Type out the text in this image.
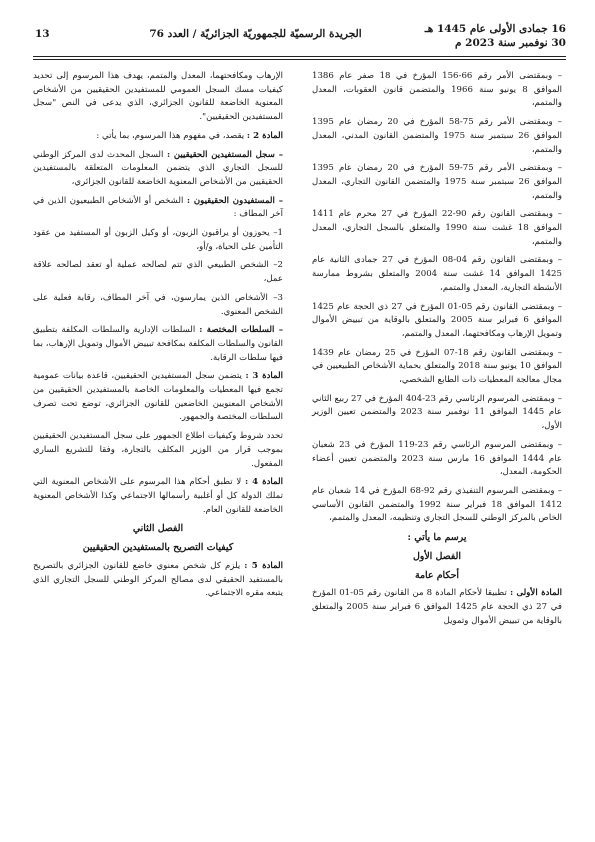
16 جمادى الأولى عام 1445 هـ
30 نوفمبر سنة 2023 م
الجريدة الرسميّة للجمهوريّة الجزائريّة / العدد 76
13

– وبمقتضى الأمر رقم 66-156 المؤرخ في 18 صفر عام 1386 الموافق 8 يونيو سنة 1966 والمتضمن قانون العقوبات، المعدل والمتمم،

– وبمقتضى الأمر رقم 75-58 المؤرخ في 20 رمضان عام 1395 الموافق 26 سبتمبر سنة 1975 والمتضمن القانون المدني، المعدل والمتمم،

– وبمقتضى الأمر رقم 75-59 المؤرخ في 20 رمضان عام 1395 الموافق 26 سبتمبر سنة 1975 والمتضمن القانون التجاري، المعدل والمتمم،

– وبمقتضى القانون رقم 90-22 المؤرخ في 27 محرم عام 1411 الموافق 18 غشت سنة 1990 والمتعلق بالسجل التجاري، المعدل والمتمم،

– وبمقتضى القانون رقم 04-08 المؤرخ في 27 جمادى الثانية عام 1425 الموافق 14 غشت سنة 2004 والمتعلق بشروط ممارسة الأنشطة التجارية، المعدل والمتمم،

– وبمقتضى القانون رقم 05-01 المؤرخ في 27 ذي الحجة عام 1425 الموافق 6 فبراير سنة 2005 والمتعلق بالوقاية من تبييض الأموال وتمويل الإرهاب ومكافحتهما، المعدل والمتمم،

– وبمقتضى القانون رقم 18-07 المؤرخ في 25 رمضان عام 1439 الموافق 10 يونيو سنة 2018 والمتعلق بحماية الأشخاص الطبيعيين في مجال معالجة المعطيات ذات الطابع الشخصي،

– وبمقتضى المرسوم الرئاسي رقم 23-404 المؤرخ في 27 ربيع الثاني عام 1445 الموافق 11 نوفمبر سنة 2023 والمتضمن تعيين الوزير الأول،

– وبمقتضى المرسوم الرئاسي رقم 23-119 المؤرخ في 23 شعبان عام 1444 الموافق 16 مارس سنة 2023 والمتضمن تعيين أعضاء الحكومة، المعدل،

– وبمقتضى المرسوم التنفيذي رقم 92-68 المؤرخ في 14 شعبان عام 1412 الموافق 18 فبراير سنة 1992 والمتضمن القانون الأساسي الخاص بالمركز الوطني للسجل التجاري وتنظيمه، المعدل والمتمم،

يرسم ما يأتي :

الفصل الأول

أحكام عامة

المادة الأولى : تطبيقا لأحكام المادة 8 من القانون رقم 05-01 المؤرخ في 27 ذي الحجة عام 1425 الموافق 6 فبراير سنة 2005 والمتعلق بالوقاية من تبييض الأموال وتمويل

الإرهاب ومكافحتهما، المعدل والمتمم، يهدف هذا المرسوم إلى تحديد كيفيات مسك السجل العمومي للمستفيدين الحقيقيين من الأشخاص المعنوية الخاضعة للقانون الجزائري، الذي يدعى في النص "سجل المستفيدين الحقيقيين".

المادة 2 : يقصد، في مفهوم هذا المرسوم، بما يأتي :

– سجل المستفيدين الحقيقيين : السجل المحدث لدى المركز الوطني للسجل التجاري الذي يتضمن المعلومات المتعلقة بالمستفيدين الحقيقيين من الأشخاص المعنوية الخاضعة للقانون الجزائري،

– المستفيدون الحقيقيون : الشخص أو الأشخاص الطبيعيون الذين في آخر المطاف :

1– يحوزون أو يراقبون الزبون، أو وكيل الزبون أو المستفيد من عقود التأمين على الحياة، و/أو،

2– الشخص الطبيعي الذي تتم لصالحه عملية أو تعقد لصالحه علاقة عمل،

3– الأشخاص الذين يمارسون، في آخر المطاف، رقابة فعلية على الشخص المعنوي.

– السلطات المختصة : السلطات الإدارية والسلطات المكلفة بتطبيق القانون والسلطات المكلفة بمكافحة تبييض الأموال وتمويل الإرهاب، بما فيها سلطات الرقابة.

المادة 3 : يتضمن سجل المستفيدين الحقيقيين، قاعدة بيانات عمومية تجمع فيها المعطيات والمعلومات الخاصة بالمستفيدين الحقيقيين من الأشخاص المعنويين الخاضعين للقانون الجزائري، توضع تحت تصرف السلطات المختصة والجمهور.

تحدد شروط وكيفيات اطلاع الجمهور على سجل المستفيدين الحقيقيين بموجب قرار من الوزير المكلف بالتجارة، وفقا للتشريع الساري المفعول.

المادة 4 : لا تطبق أحكام هذا المرسوم على الأشخاص المعنوية التي تملك الدولة كل أو أغلبية رأسمالها الاجتماعي وكذا الأشخاص المعنوية الخاضعة للقانون العام.

الفصل الثاني

كيفيات التصريح بالمستفيدين الحقيقيين

المادة 5 : يلزم كل شخص معنوي خاضع للقانون الجزائري بالتصريح بالمستفيد الحقيقي لدى مصالح المركز الوطني للسجل التجاري الذي يتبعه مقره الاجتماعي.
